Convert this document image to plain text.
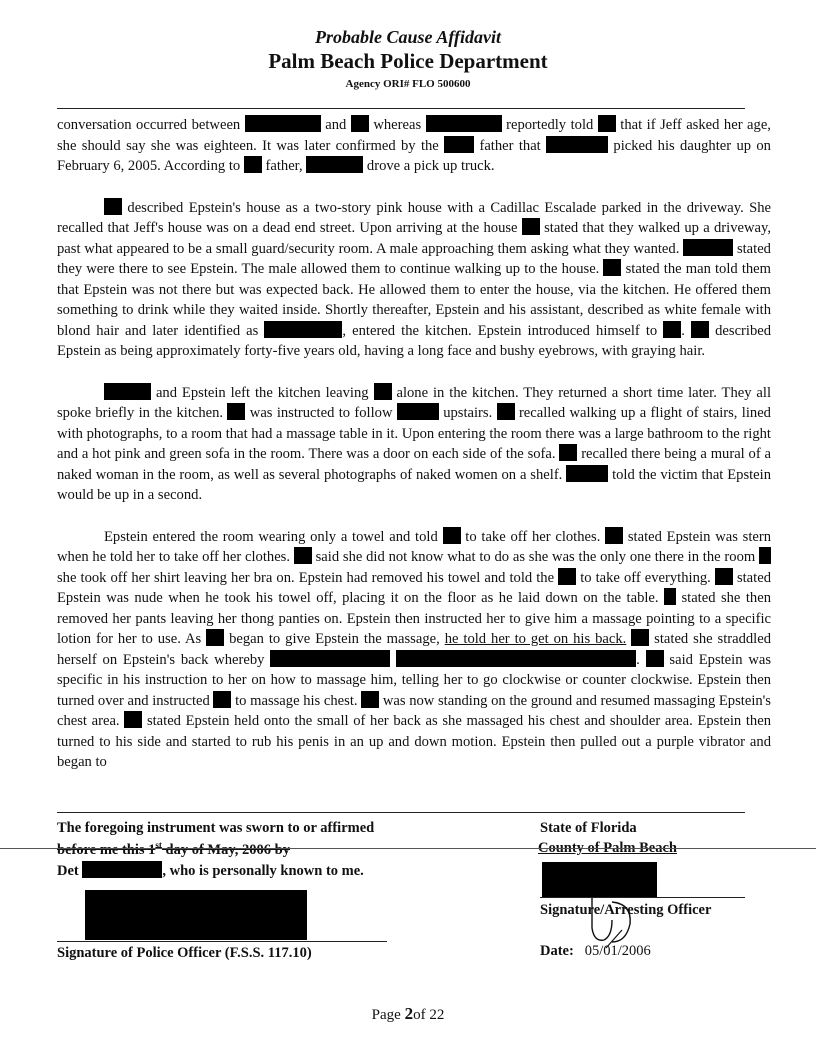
Probable Cause Affidavit
Palm Beach Police Department
Agency ORI# FLO 500600

conversation occurred between	and whereas	reportedly told that if Jeff asked her age, she should say she was eighteen. It was later confirmed by the	father that	picked his daughter up on February 6, 2005. According to father,	drove a pick up truck.

described Epstein's house as a two-story pink house with a Cadillac Escalade parked in the driveway. She recalled that Jeff's house was on a dead end street. Upon arriving at the house stated that they walked up a driveway, past what appeared to be a small guard/security room. A male approaching them asking what they wanted.	stated they were there to see Epstein. The male allowed them to continue walking up to the house. stated the man told them that Epstein was not there but was expected back. He allowed them to enter the house, via the kitchen. He offered them something to drink while they waited inside. Shortly thereafter, Epstein and his assistant, described as white female with blond hair and later identified as	, entered the kitchen. Epstein introduced himself to . described Epstein as being approximately forty-five years old, having a long face and bushy eyebrows, with graying hair.

and Epstein left the kitchen leaving alone in the kitchen. They returned a short time later. They all spoke briefly in the kitchen. was instructed to follow	upstairs. recalled walking up a flight of stairs, lined with photographs, to a room that had a massage table in it. Upon entering the room there was a large bathroom to the right and a hot pink and green sofa in the room. There was a door on each side of the sofa. recalled there being a mural of a naked woman in the room, as well as several photographs of naked women on a shelf.	told the victim that Epstein would be up in a second.

Epstein entered the room wearing only a towel and told to take off her clothes. stated Epstein was stern when he told her to take off her clothes. said she did not know what to do as she was the only one there in the room  she took off her shirt leaving her bra on. Epstein had removed his towel and told the to take off everything. stated Epstein was nude when he took his towel off, placing it on the floor as he laid down on the table. stated she then removed her pants leaving her thong panties on. Epstein then instructed her to give him a massage pointing to a specific lotion for her to use. As began to give Epstein the massage, he told her to get on his back. stated she straddled herself on Epstein's back whereby	. said Epstein was specific in his instruction to her on how to massage him, telling her to go clockwise or counter clockwise. Epstein then turned over and instructed to massage his chest. was now standing on the ground and resumed massaging Epstein's chest area. stated Epstein held onto the small of her back as she massaged his chest and shoulder area. Epstein then turned to his side and started to rub his penis in an up and down motion. Epstein then pulled out a purple vibrator and began to

The foregoing instrument was sworn to or affirmed
before me this 1st day of May, 2006 by
Det	, who is personally known to me.
Signature of Police Officer (F.S.S. 117.10)
State of Florida
County of Palm Beach
Signature/Arresting Officer
Date: 05/01/2006
Page 2of 22
